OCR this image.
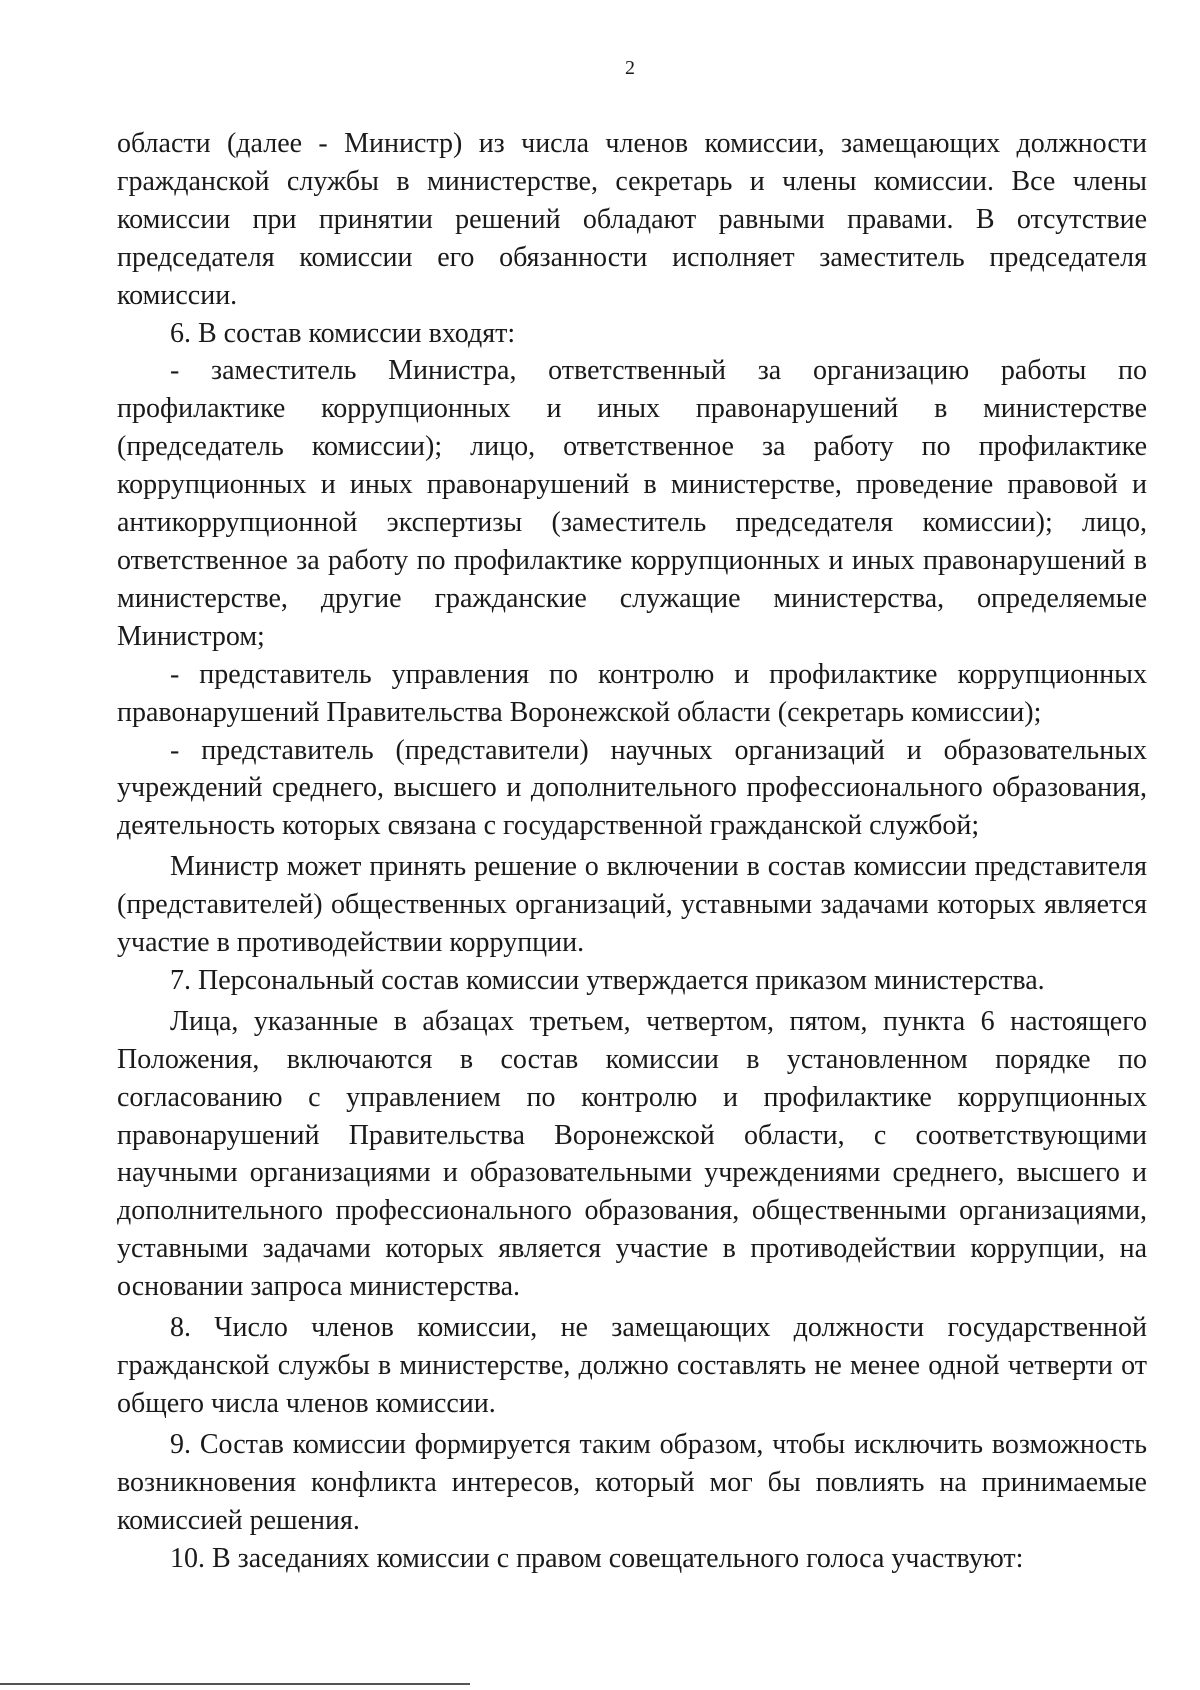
2

области (далее - Министр) из числа членов комиссии, замещающих должности гражданской службы в министерстве, секретарь и члены комиссии. Все члены комиссии при принятии решений обладают равными правами. В отсутствие председателя комиссии его обязанности исполняет заместитель председателя комиссии.

6. В состав комиссии входят:

- заместитель Министра, ответственный за организацию работы по профилактике коррупционных и иных правонарушений в министерстве (председатель комиссии); лицо, ответственное за работу по профилактике коррупционных и иных правонарушений в министерстве, проведение правовой и антикоррупционной экспертизы (заместитель председателя комиссии); лицо, ответственное за работу по профилактике коррупционных и иных правонарушений в министерстве, другие гражданские служащие министерства, определяемые Министром;

- представитель управления по контролю и профилактике коррупционных правонарушений Правительства Воронежской области (секретарь комиссии);

- представитель (представители) научных организаций и образовательных учреждений среднего, высшего и дополнительного профессионального образования, деятельность которых связана с государственной гражданской службой;

Министр может принять решение о включении в состав комиссии представителя (представителей) общественных организаций, уставными задачами которых является участие в противодействии коррупции.

7. Персональный состав комиссии утверждается приказом министерства.

Лица, указанные в абзацах третьем, четвертом, пятом, пункта 6 настоящего Положения, включаются в состав комиссии в установленном порядке по согласованию с управлением по контролю и профилактике коррупционных правонарушений Правительства Воронежской области, с соответствующими научными организациями и образовательными учреждениями среднего, высшего и дополнительного профессионального образования, общественными организациями, уставными задачами которых является участие в противодействии коррупции, на основании запроса министерства.

8. Число членов комиссии, не замещающих должности государственной гражданской службы в министерстве, должно составлять не менее одной четверти от общего числа членов комиссии.

9. Состав комиссии формируется таким образом, чтобы исключить возможность возникновения конфликта интересов, который мог бы повлиять на принимаемые комиссией решения.

10. В заседаниях комиссии с правом совещательного голоса участвуют:
